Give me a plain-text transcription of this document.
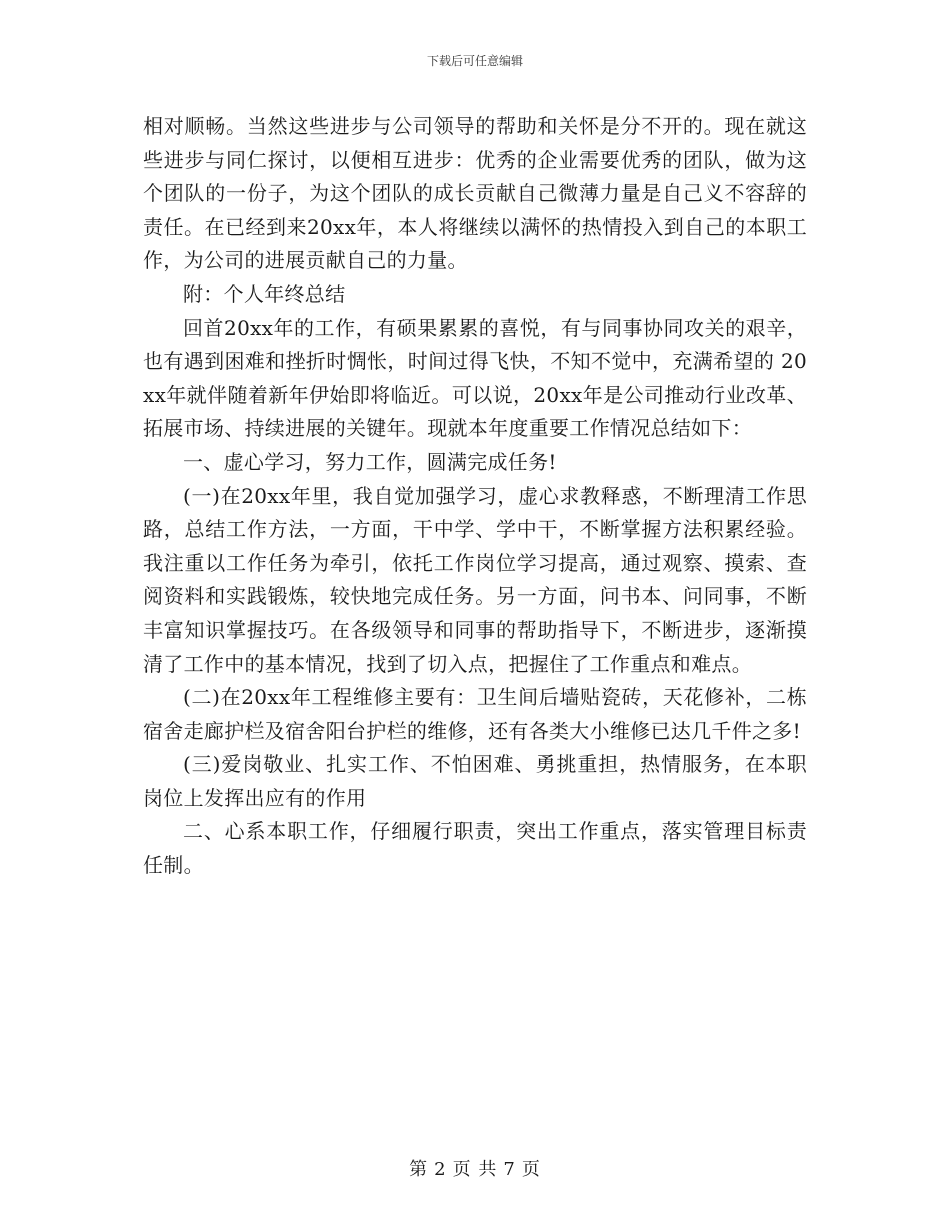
下载后可任意编辑

相对顺畅。当然这些进步与公司领导的帮助和关怀是分不开的。现在就这些进步与同仁探讨，以便相互进步：优秀的企业需要优秀的团队，做为这个团队的一份子，为这个团队的成长贡献自己微薄力量是自己义不容辞的责任。在已经到来20xx年，本人将继续以满怀的热情投入到自己的本职工作，为公司的进展贡献自己的力量。

附：个人年终总结

回首20xx年的工作，有硕果累累的喜悦，有与同事协同攻关的艰辛，也有遇到困难和挫折时惆怅，时间过得飞快，不知不觉中，充满希望的 20xx年就伴随着新年伊始即将临近。可以说，20xx年是公司推动行业改革、拓展市场、持续进展的关键年。现就本年度重要工作情况总结如下：

一、虚心学习，努力工作，圆满完成任务!

(一)在20xx年里，我自觉加强学习，虚心求教释惑，不断理清工作思路，总结工作方法，一方面，干中学、学中干，不断掌握方法积累经验。我注重以工作任务为牵引，依托工作岗位学习提高，通过观察、摸索、查阅资料和实践锻炼，较快地完成任务。另一方面，问书本、问同事，不断丰富知识掌握技巧。在各级领导和同事的帮助指导下，不断进步，逐渐摸清了工作中的基本情况，找到了切入点，把握住了工作重点和难点。

(二)在20xx年工程维修主要有：卫生间后墙贴瓷砖，天花修补，二栋宿舍走廊护栏及宿舍阳台护栏的维修，还有各类大小维修已达几千件之多!

(三)爱岗敬业、扎实工作、不怕困难、勇挑重担，热情服务，在本职岗位上发挥出应有的作用

二、心系本职工作，仔细履行职责，突出工作重点，落实管理目标责任制。

第 2 页 共 7 页
